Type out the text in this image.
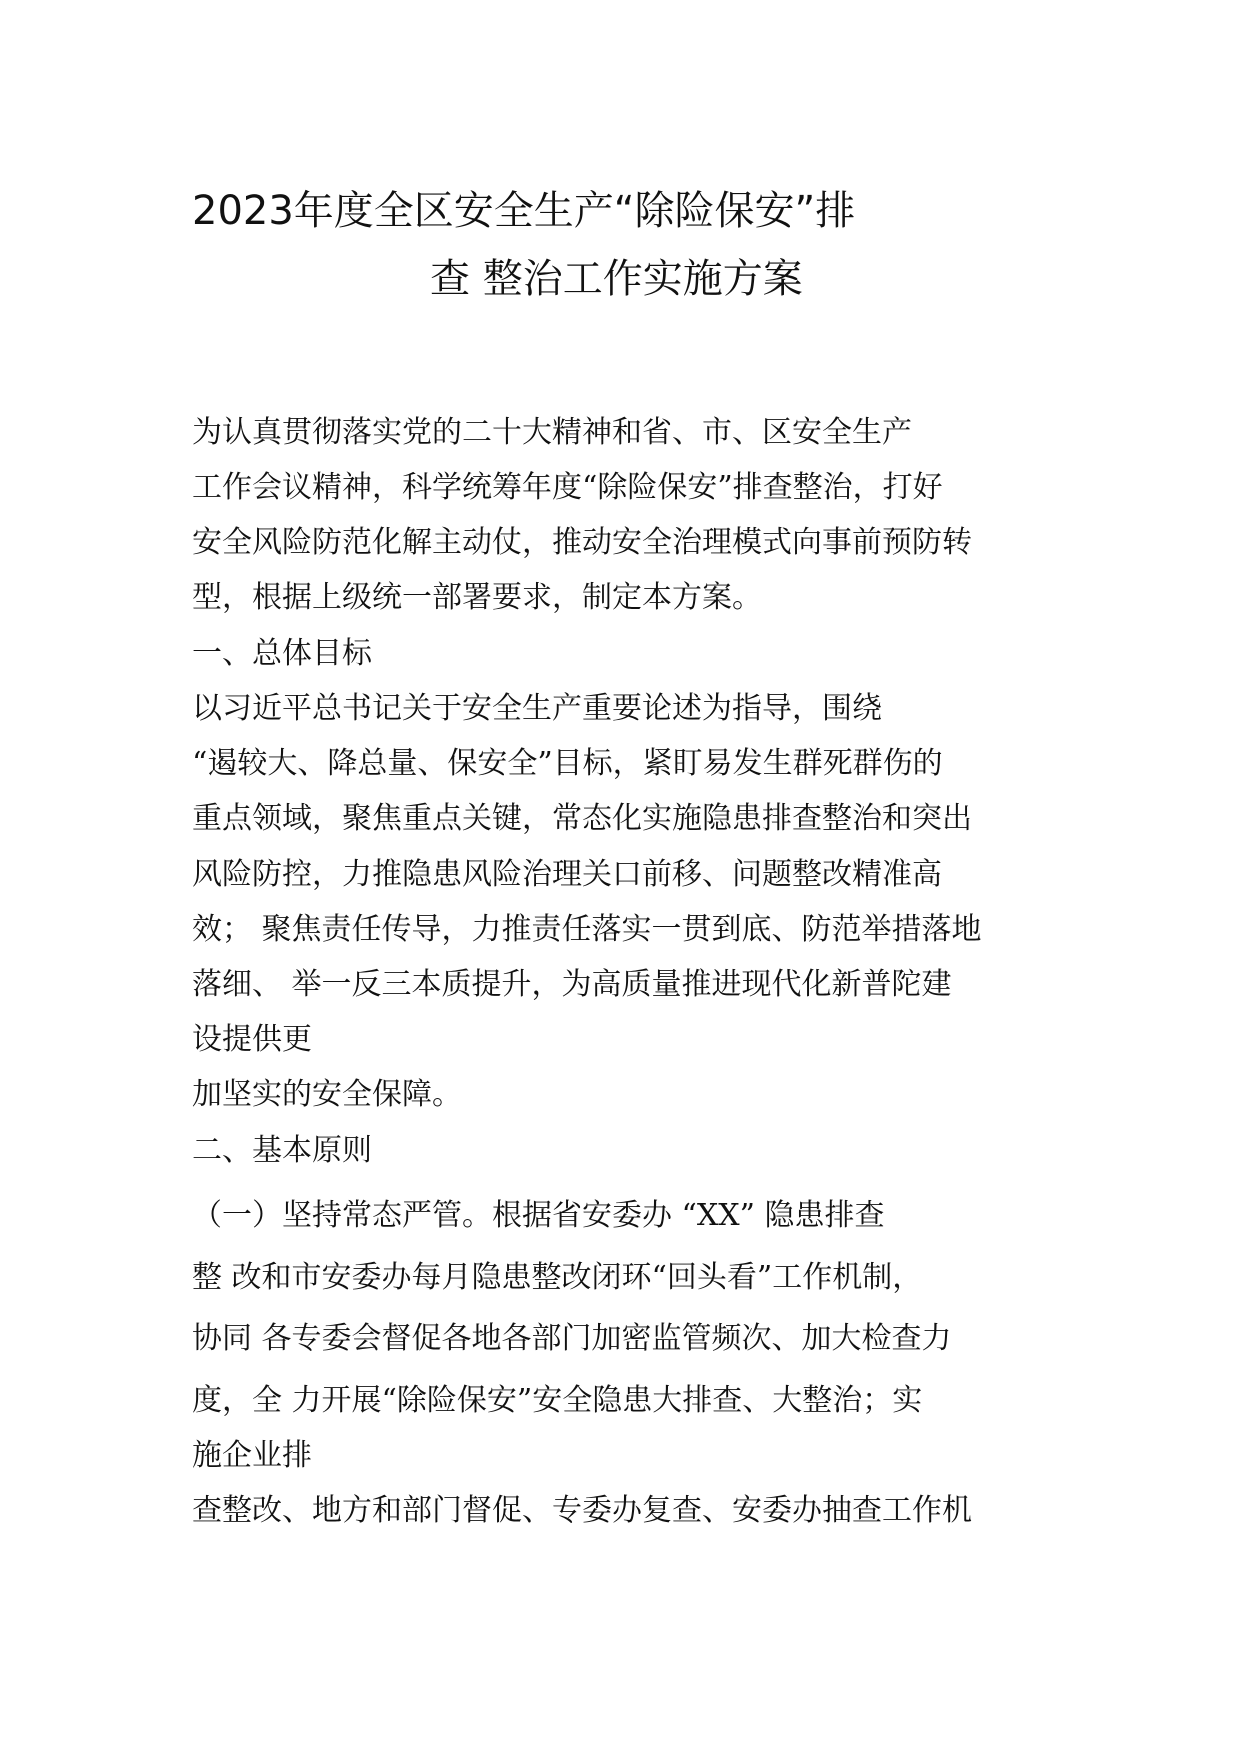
2023年度全区安全生产“除险保安”排
查 整治工作实施方案

为认真贯彻落实党的二十大精神和省、市、区安全生产

工作会议精神，科学统筹年度“除险保安”排查整治，打好

安全风险防范化解主动仗，推动安全治理模式向事前预防转

型，根据上级统一部署要求，制定本方案。

一、总体目标

以习近平总书记关于安全生产重要论述为指导，围绕

“遏较大、降总量、保安全”目标，紧盯易发生群死群伤的

重点领域，聚焦重点关键，常态化实施隐患排查整治和突出

风险防控，力推隐患风险治理关口前移、问题整改精准高

效； 聚焦责任传导，力推责任落实一贯到底、防范举措落地

落细、 举一反三本质提升，为高质量推进现代化新普陀建

设提供更

加坚实的安全保障。

二、基本原则

（一）坚持常态严管。根据省安委办 “XX” 隐患排查

整 改和市安委办每月隐患整改闭环“回头看”工作机制，

协同 各专委会督促各地各部门加密监管频次、加大检查力

度，全 力开展“除险保安”安全隐患大排查、大整治；实

施企业排

查整改、地方和部门督促、专委办复查、安委办抽查工作机
